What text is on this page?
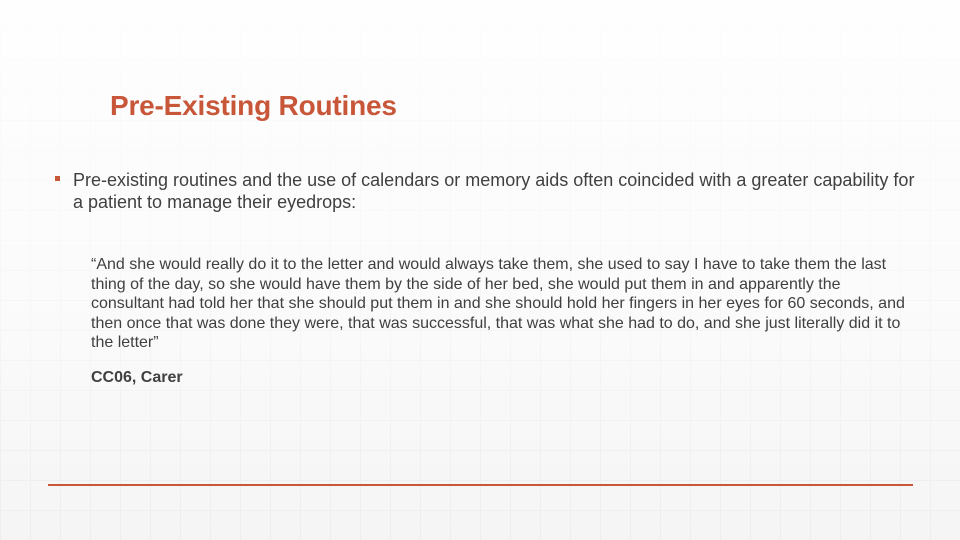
Pre-Existing Routines

Pre-existing routines and the use of calendars or memory aids often coincided with a greater capability for a patient to manage their eyedrops:

“And she would really do it to the letter and would always take them, she used to say I have to take them the last thing of the day, so she would have them by the side of her bed, she would put them in and apparently the consultant had told her that she should put them in and she should hold her fingers in her eyes for 60 seconds, and then once that was done they were, that was successful, that was what she had to do, and she just literally did it to the letter”

CC06, Carer
